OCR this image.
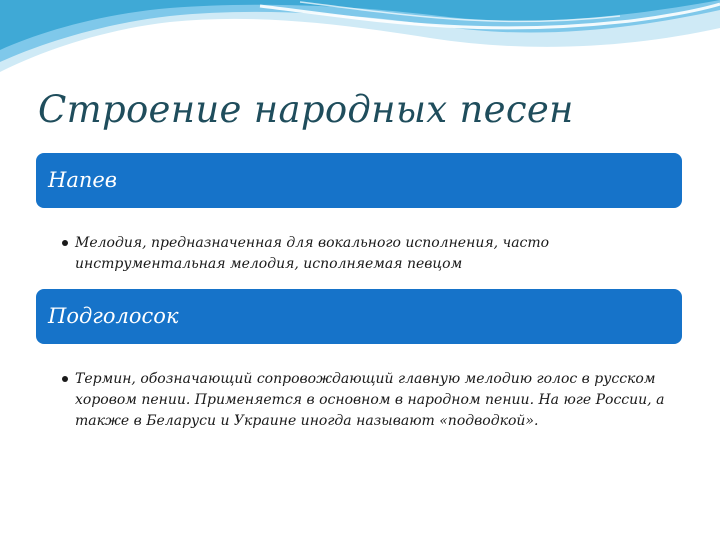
Строение народных песен
Напев
Мелодия, предназначенная для вокального исполнения, часто инструментальная мелодия, исполняемая певцом
Подголосок
Термин, обозначающий сопровождающий главную мелодию голос в русском хоровом пении. Применяется в основном в народном пении. На юге России, а также в Беларуси и Украине иногда называют «подводкой».
